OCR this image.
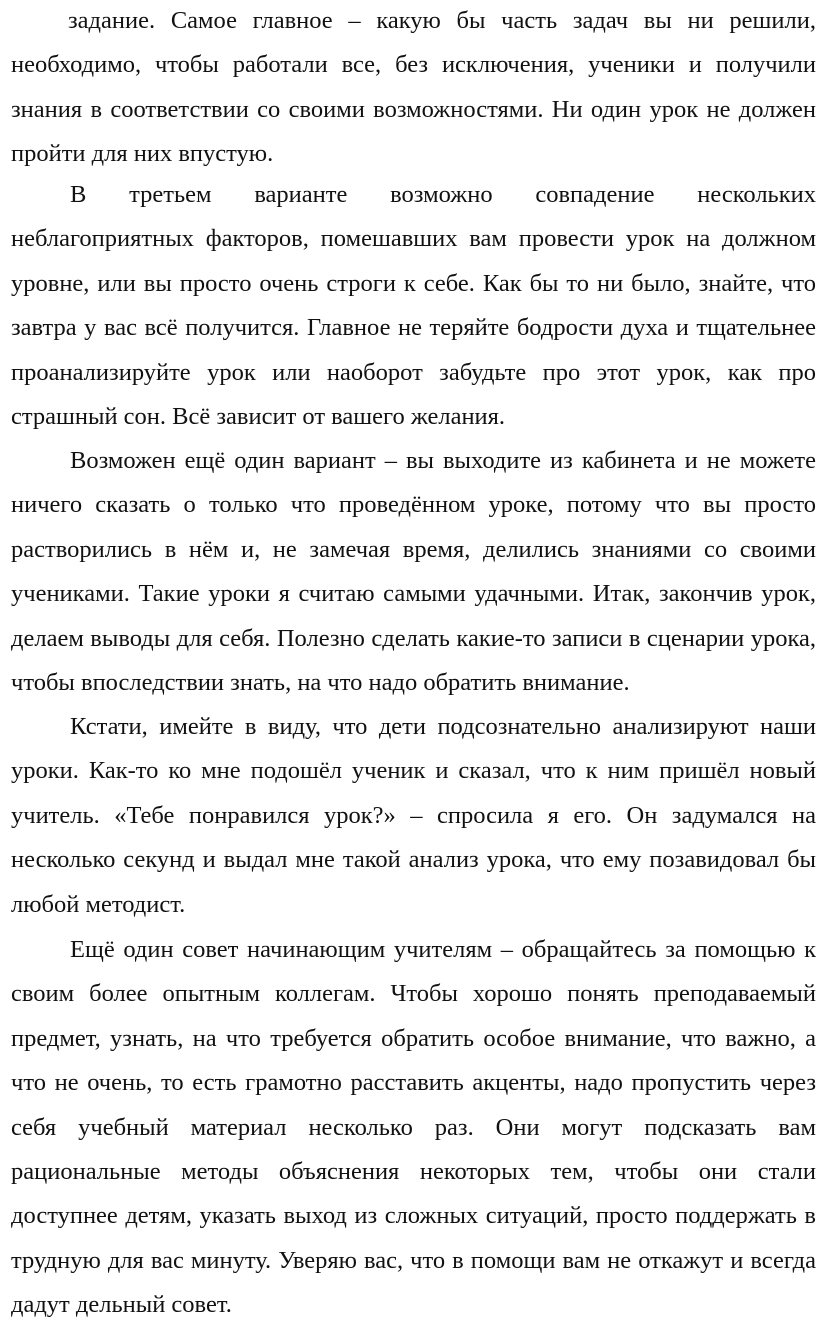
задание. Самое главное – какую бы часть задач вы ни решили, необходимо, чтобы работали все, без исключения, ученики и получили знания в соответствии со своими возможностями. Ни один урок не должен пройти для них впустую.

В третьем варианте возможно совпадение нескольких неблагоприятных факторов, помешавших вам провести урок на должном уровне, или вы просто очень строги к себе. Как бы то ни было, знайте, что завтра у вас всё получится. Главное не теряйте бодрости духа и тщательнее проанализируйте урок или наоборот забудьте про этот урок, как про страшный сон. Всё зависит от вашего желания.

Возможен ещё один вариант – вы выходите из кабинета и не можете ничего сказать о только что проведённом уроке, потому что вы просто растворились в нём и, не замечая время, делились знаниями со своими учениками. Такие уроки я считаю самыми удачными. Итак, закончив урок, делаем выводы для себя. Полезно сделать какие-то записи в сценарии урока, чтобы впоследствии знать, на что надо обратить внимание.

Кстати, имейте в виду, что дети подсознательно анализируют наши уроки. Как-то ко мне подошёл ученик и сказал, что к ним пришёл новый учитель. «Тебе понравился урок?» – спросила я его. Он задумался на несколько секунд и выдал мне такой анализ урока, что ему позавидовал бы любой методист.

Ещё один совет начинающим учителям – обращайтесь за помощью к своим более опытным коллегам. Чтобы хорошо понять преподаваемый предмет, узнать, на что требуется обратить особое внимание, что важно, а что не очень, то есть грамотно расставить акценты, надо пропустить через себя учебный материал несколько раз. Они могут подсказать вам рациональные методы объяснения некоторых тем, чтобы они стали доступнее детям, указать выход из сложных ситуаций, просто поддержать в трудную для вас минуту. Уверяю вас, что в помощи вам не откажут и всегда дадут дельный совет.
